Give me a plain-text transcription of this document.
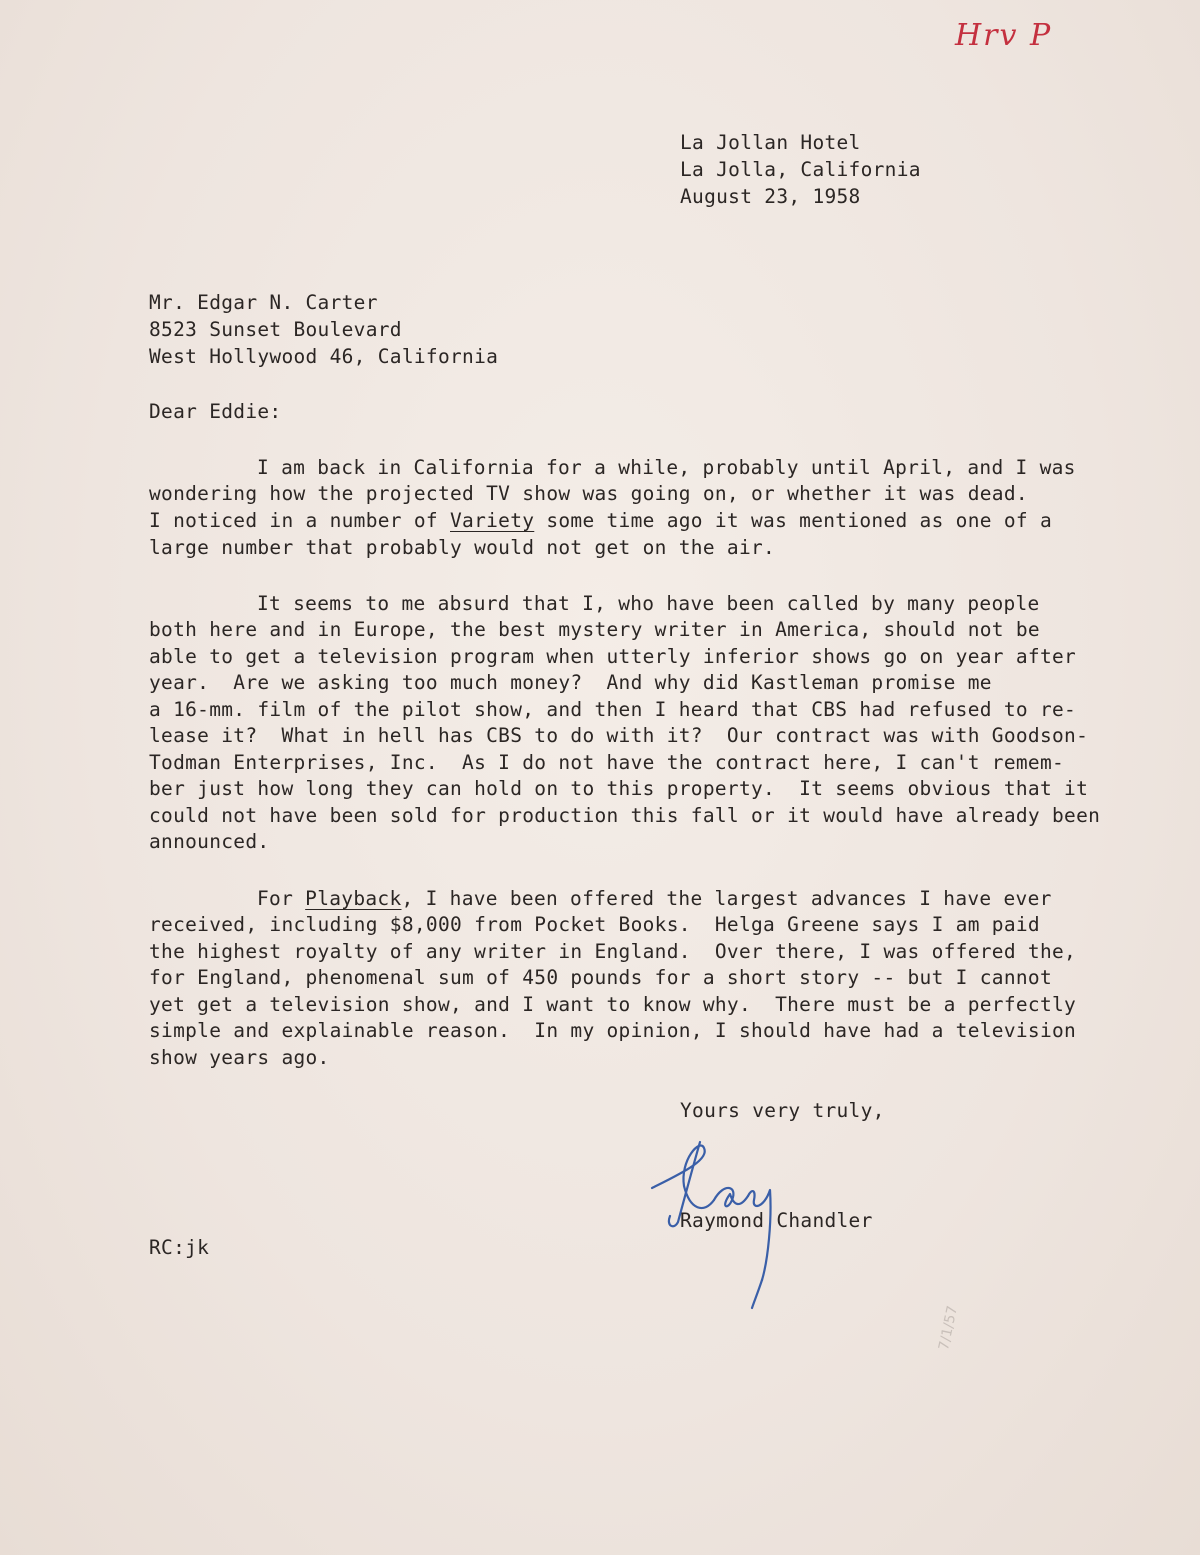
Hrv P
La Jollan Hotel
La Jolla, California
August 23, 1958
Mr. Edgar N. Carter
8523 Sunset Boulevard
West Hollywood 46, California
Dear Eddie:
I am back in California for a while, probably until April, and I was
wondering how the projected TV show was going on, or whether it was dead.
I noticed in a number of Variety some time ago it was mentioned as one of a
large number that probably would not get on the air.
It seems to me absurd that I, who have been called by many people
both here and in Europe, the best mystery writer in America, should not be
able to get a television program when utterly inferior shows go on year after
year.  Are we asking too much money?  And why did Kastleman promise me
a 16-mm. film of the pilot show, and then I heard that CBS had refused to re-
lease it?  What in hell has CBS to do with it?  Our contract was with Goodson-
Todman Enterprises, Inc.  As I do not have the contract here, I can't remem-
ber just how long they can hold on to this property.  It seems obvious that it
could not have been sold for production this fall or it would have already been
announced.
For Playback, I have been offered the largest advances I have ever
received, including $8,000 from Pocket Books.  Helga Greene says I am paid
the highest royalty of any writer in England.  Over there, I was offered the,
for England, phenomenal sum of 450 pounds for a short story -- but I cannot
yet get a television show, and I want to know why.  There must be a perfectly
simple and explainable reason.  In my opinion, I should have had a television
show years ago.
Yours very truly,
Raymond Chandler
RC:jk
7/1/57
